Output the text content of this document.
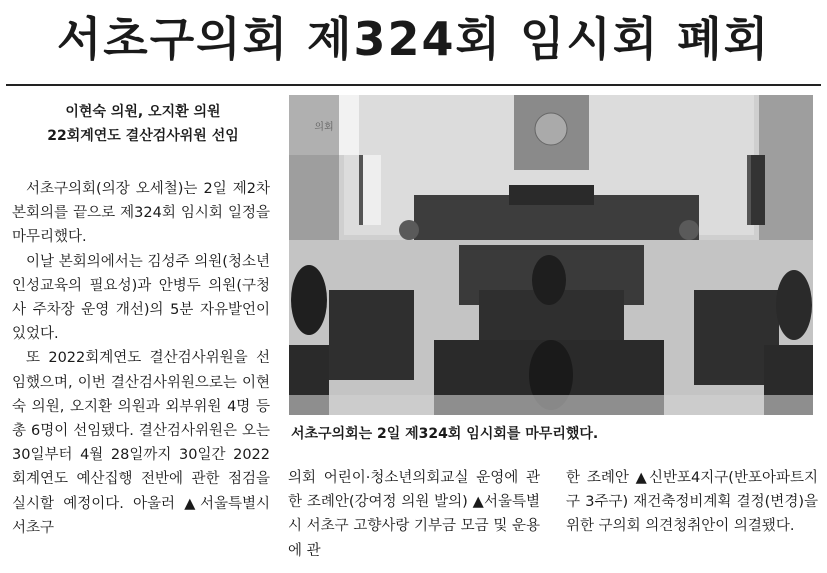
서초구의회 제324회 임시회 폐회
이현숙 의원, 오지환 의원
22회계연도 결산검사위원 선임

서초구의회(의장 오세철)는 2일 제2차 본회의를 끝으로 제324회 임시회 일정을 마무리했다.

이날 본회의에서는 김성주 의원(청소년 인성교육의 필요성)과 안병두 의원(구청사 주차장 운영 개선)의 5분 자유발언이 있었다.

또 2022회계연도 결산검사위원을 선임했으며, 이번 결산검사위원으로는 이현숙 의원, 오지환 의원과 외부위원 4명 등 총 6명이 선임됐다. 결산검사위원은 오는 30일부터 4월 28일까지 30일간 2022회계연도 예산집행 전반에 관한 점검을 실시할 예정이다. 아울러 ▲서울특별시 서초구

서초구의회는 2일 제324회 임시회를 마무리했다.

의회 어린이·청소년의회교실 운영에 관한 조례안(강여정 의원 발의) ▲서울특별시 서초구 고향사랑 기부금 모금 및 운용에 관

한 조례안 ▲신반포4지구(반포아파트지구 3주구) 재건축정비계획 결정(변경)을 위한 구의회 의견청취안이 의결됐다.
